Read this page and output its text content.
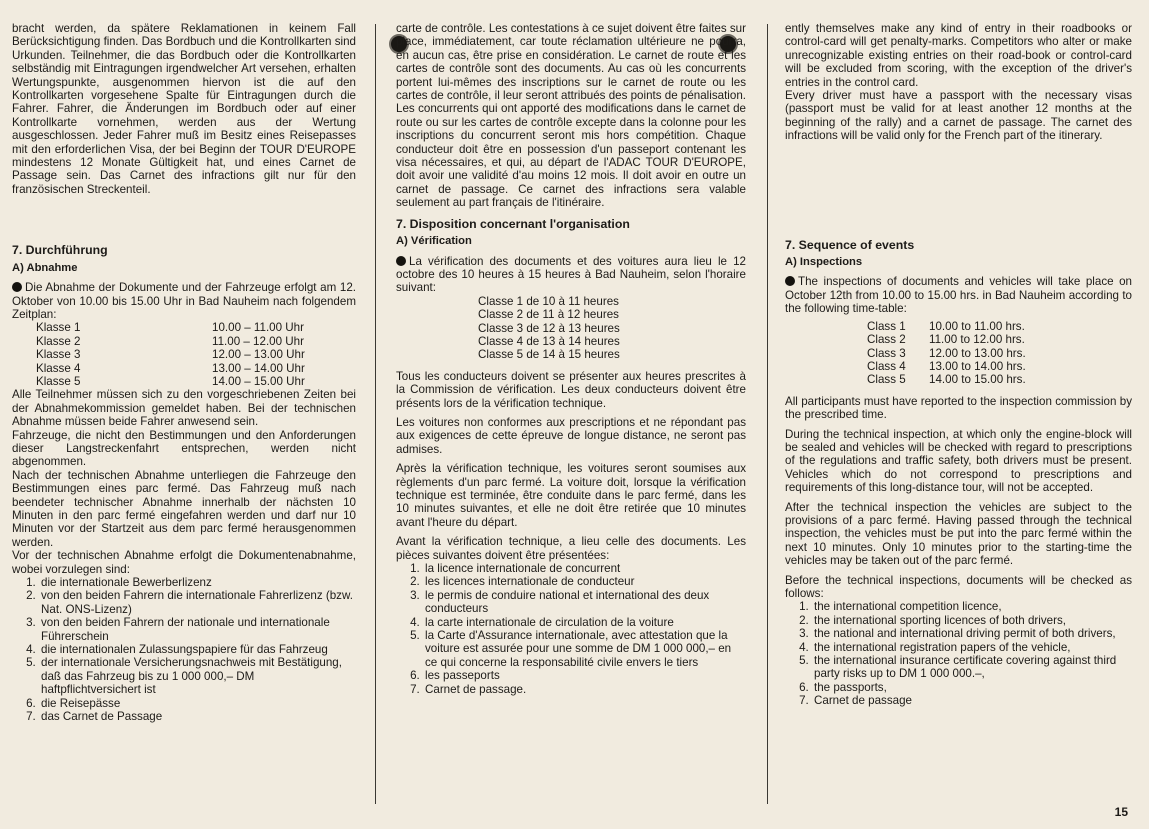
bracht werden, da spätere Reklamationen in keinem Fall Berücksichtigung finden. Das Bordbuch und die Kontrollkarten sind Urkunden. Teilnehmer, die das Bordbuch oder die Kontrollkarten selbständig mit Eintragungen irgendwelcher Art versehen, erhalten Wertungspunkte, ausgenommen hiervon ist die auf den Kontrollkarten vorgesehene Spalte für Eintragungen durch die Fahrer. Fahrer, die Änderungen im Bordbuch oder auf einer Kontrollkarte vornehmen, werden aus der Wertung ausgeschlossen. Jeder Fahrer muß im Besitz eines Reisepasses mit den erforderlichen Visa, der bei Beginn der TOUR D'EUROPE mindestens 12 Monate Gültigkeit hat, und eines Carnet de Passage sein. Das Carnet des infractions gilt nur für den französischen Streckenteil.

7. Durchführung
A) Abnahme

Die Abnahme der Dokumente und der Fahrzeuge erfolgt am 12. Oktober von 10.00 bis 15.00 Uhr in Bad Nauheim nach folgendem Zeitplan:

Klasse 1	10.00 – 11.00 Uhr
Klasse 2	11.00 – 12.00 Uhr
Klasse 3	12.00 – 13.00 Uhr
Klasse 4	13.00 – 14.00 Uhr
Klasse 5	14.00 – 15.00 Uhr

Alle Teilnehmer müssen sich zu den vorgeschriebenen Zeiten bei der Abnahmekommission gemeldet haben. Bei der technischen Abnahme müssen beide Fahrer anwesend sein.

Fahrzeuge, die nicht den Bestimmungen und den Anforderungen dieser Langstreckenfahrt entsprechen, werden nicht abgenommen.

Nach der technischen Abnahme unterliegen die Fahrzeuge den Bestimmungen eines parc fermé. Das Fahrzeug muß nach beendeter technischer Abnahme innerhalb der nächsten 10 Minuten in den parc fermé eingefahren werden und darf nur 10 Minuten vor der Startzeit aus dem parc fermé herausgenommen werden.

Vor der technischen Abnahme erfolgt die Dokumentenabnahme, wobei vorzulegen sind:

1. die internationale Bewerberlizenz
2. von den beiden Fahrern die internationale Fahrerlizenz (bzw. Nat. ONS-Lizenz)
3. von den beiden Fahrern der nationale und internationale Führerschein
4. die internationalen Zulassungspapiere für das Fahrzeug
5. der internationale Versicherungsnachweis mit Bestätigung, daß das Fahrzeug bis zu 1 000 000,– DM haftpflichtversichert ist
6. die Reisepässe
7. das Carnet de Passage

carte de contrôle. Les contestations à ce sujet doivent être faites sur place, immédiatement, car toute réclamation ultérieure ne pourra, en aucun cas, être prise en considération. Le carnet de route et les cartes de contrôle sont des documents. Au cas où les concurrents portent lui-mêmes des inscriptions sur le carnet de route ou les cartes de contrôle, il leur seront attribués des points de pénalisation. Les concurrents qui ont apporté des modifications dans le carnet de route ou sur les cartes de contrôle excepte dans la colonne pour les inscriptions du concurrent seront mis hors compétition. Chaque conducteur doit être en possession d'un passeport contenant les visa nécessaires, et qui, au départ de l'ADAC TOUR D'EUROPE, doit avoir une validité d'au moins 12 mois. Il doit avoir en outre un carnet de passage. Ce carnet des infractions sera valable seulement au part français de l'itinéraire.

7. Disposition concernant l'organisation
A) Vérification

La vérification des documents et des voitures aura lieu le 12 octobre des 10 heures à 15 heures à Bad Nauheim, selon l'horaire suivant:

Classe 1 de 10 à 11 heures
Classe 2 de 11 à 12 heures
Classe 3 de 12 à 13 heures
Classe 4 de 13 à 14 heures
Classe 5 de 14 à 15 heures

Tous les conducteurs doivent se présenter aux heures prescrites à la Commission de vérification. Les deux conducteurs doivent être présents lors de la vérification technique.

Les voitures non conformes aux prescriptions et ne répondant pas aux exigences de cette épreuve de longue distance, ne seront pas admises.

Après la vérification technique, les voitures seront soumises aux règlements d'un parc fermé. La voiture doit, lorsque la vérification technique est terminée, être conduite dans le parc fermé, dans les 10 minutes suivantes, et elle ne doit être retirée que 10 minutes avant l'heure du départ.

Avant la vérification technique, a lieu celle des documents. Les pièces suivantes doivent être présentées:

1. la licence internationale de concurrent
2. les licences internationale de conducteur
3. le permis de conduire national et international des deux conducteurs
4. la carte internationale de circulation de la voiture
5. la Carte d'Assurance internationale, avec attestation que la voiture est assurée pour une somme de DM 1 000 000,– en ce qui concerne la responsabilité civile envers le tiers
6. les passeports
7. Carnet de passage.

ently themselves make any kind of entry in their roadbooks or control-card will get penalty-marks. Competitors who alter or make unrecognizable existing entries on their road-book or control-card will be excluded from scoring, with the exception of the driver's entries in the control card.

Every driver must have a passport with the necessary visas (passport must be valid for at least another 12 months at the beginning of the rally) and a carnet de passage. The carnet des infractions will be valid only for the French part of the itinerary.

7. Sequence of events
A) Inspections

The inspections of documents and vehicles will take place on October 12th from 10.00 to 15.00 hrs. in Bad Nauheim according to the following time-table:

Class 1	10.00 to 11.00 hrs.
Class 2	11.00 to 12.00 hrs.
Class 3	12.00 to 13.00 hrs.
Class 4	13.00 to 14.00 hrs.
Class 5	14.00 to 15.00 hrs.

All participants must have reported to the inspection commission by the prescribed time.

During the technical inspection, at which only the engine-block will be sealed and vehicles will be checked with regard to prescriptions of the regulations and traffic safety, both drivers must be present. Vehicles which do not correspond to prescriptions and requirements of this long-distance tour, will not be accepted.

After the technical inspection the vehicles are subject to the provisions of a parc fermé. Having passed through the technical inspection, the vehicles must be put into the parc fermé within the next 10 minutes. Only 10 minutes prior to the starting-time the vehicles may be taken out of the parc fermé.

Before the technical inspections, documents will be checked as follows:

1. the international competition licence,
2. the international sporting licences of both drivers,
3. the national and international driving permit of both drivers,
4. the international registration papers of the vehicle,
5. the international insurance certificate covering against third party risks up to DM 1 000 000.–,
6. the passports,
7. Carnet de passage
15
